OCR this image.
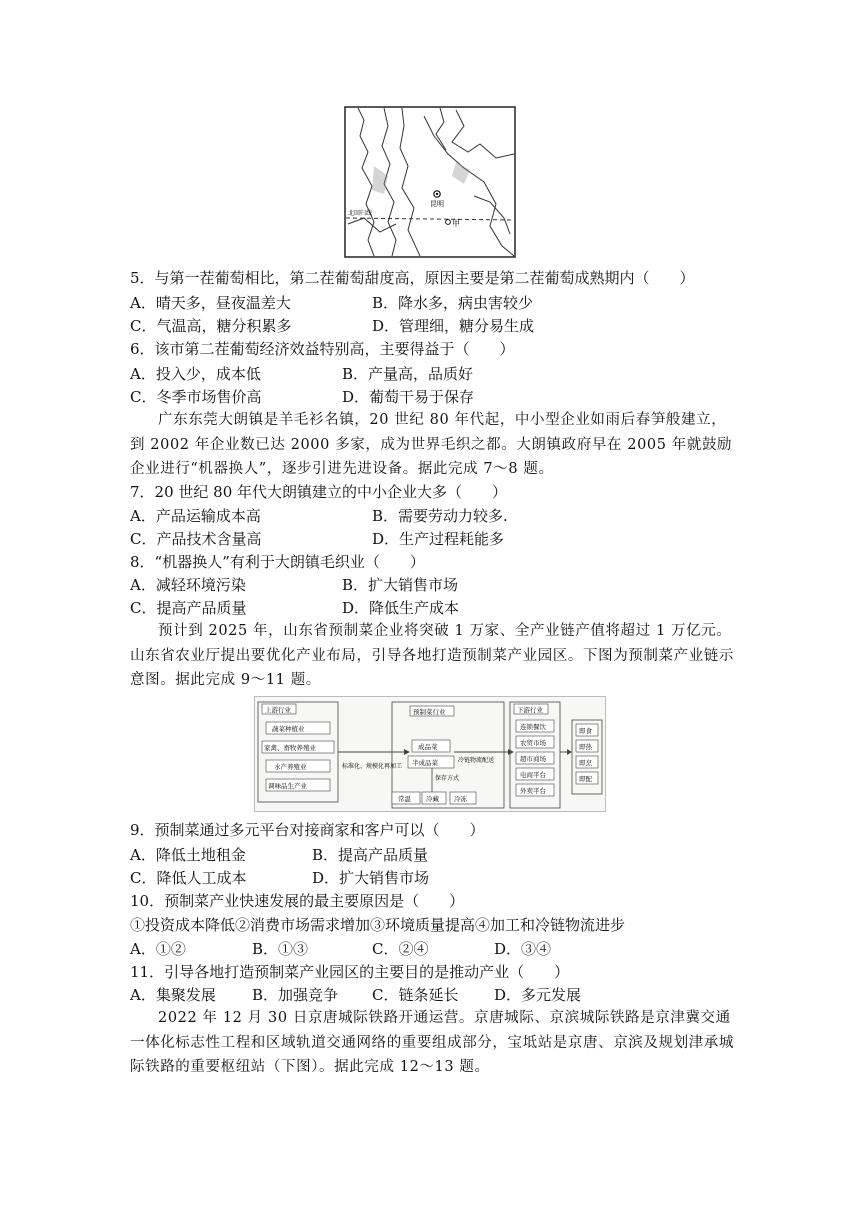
昆明
甲
北回归线
5．与第一茬葡萄相比，第二茬葡萄甜度高，原因主要是第二茬葡萄成熟期内（　　）
A．晴天多，昼夜温差大	B．降水多，病虫害较少
C．气温高，糖分积累多	D．管理细，糖分易生成
6．该市第二茬葡萄经济效益特别高，主要得益于（　　）
A．投入少，成本低	B．产量高，品质好
C．冬季市场售价高	D．葡萄干易于保存
广东东莞大朗镇是羊毛衫名镇，20 世纪 80 年代起，中小型企业如雨后春笋般建立，到 2002 年企业数已达 2000 多家，成为世界毛织之都。大朗镇政府早在 2005 年就鼓励企业进行“机器换人”，逐步引进先进设备。据此完成 7～8 题。
7．20 世纪 80 年代大朗镇建立的中小企业大多（　　）
A．产品运输成本高	B．需要劳动力较多.
C．产品技术含量高	D．生产过程耗能多
8．“机器换人”有利于大朗镇毛织业（　　）
A．减轻环境污染	B．扩大销售市场
C．提高产品质量	D．降低生产成本
预计到 2025 年，山东省预制菜企业将突破 1 万家、全产业链产值将超过 1 万亿元。山东省农业厅提出要优化产业布局，引导各地打造预制菜产业园区。下图为预制菜产业链示意图。据此完成 9～11 题。
上游行业
蔬菜种植业
家禽、畜牧养殖业
水产养殖业
调味品生产业
标准化、规模化再加工
预制菜行业
成品菜
半成品菜
保存方式
常温 冷藏 冷冻
冷链物流配送
下游行业
连锁餐饮
农贸市场
超市商场
电商平台
外卖平台
即食
即热
即烹
即配
9．预制菜通过多元平台对接商家和客户可以（　　）
A．降低土地租金	B．提高产品质量
C．降低人工成本	D．扩大销售市场
10．预制菜产业快速发展的最主要原因是（　　）
①投资成本降低②消费市场需求增加③环境质量提高④加工和冷链物流进步
A．①②	B．①③	C．②④	D．③④
11．引导各地打造预制菜产业园区的主要目的是推动产业（　　）
A．集聚发展 B．加强竞争 C．链条延长 D．多元发展
2022 年 12 月 30 日京唐城际铁路开通运营。京唐城际、京滨城际铁路是京津冀交通一体化标志性工程和区域轨道交通网络的重要组成部分，宝坻站是京唐、京滨及规划津承城际铁路的重要枢纽站（下图）。据此完成 12～13 题。
